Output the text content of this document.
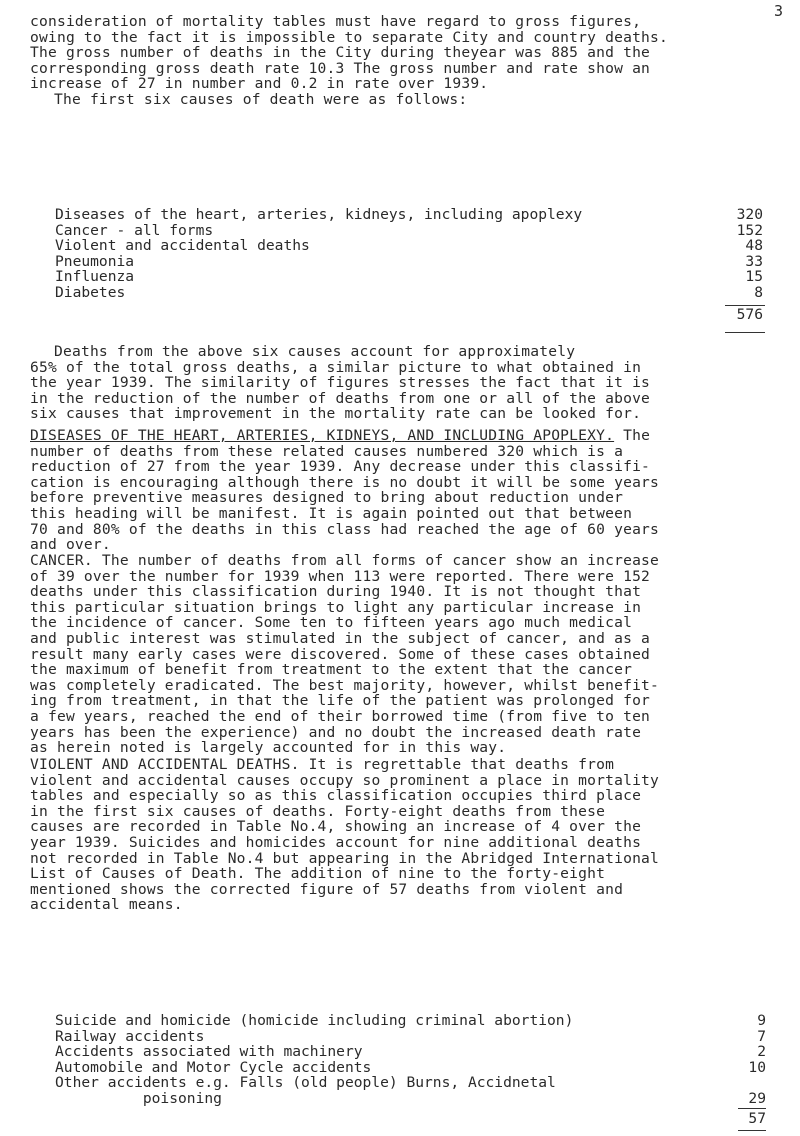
3
consideration of mortality tables must have regard to gross figures,
owing to the fact it is impossible to separate City and country deaths.
The gross number of deaths in the City during theyear was 885 and the
corresponding gross death rate 10.3 The gross number and rate show an
increase of 27 in number and 0.2 in rate over 1939.
The first six causes of death were as follows:
Diseases of the heart, arteries, kidneys, including apoplexy	320
Cancer - all forms	152
Violent and accidental deaths	48
Pneumonia	33
Influenza	15
Diabetes	8
576
Deaths from the above six causes account for approximately
65% of the total gross deaths, a similar picture to what obtained in
the year 1939. The similarity of figures stresses the fact that it is
in the reduction of the number of deaths from one or all of the above
six causes that improvement in the mortality rate can be looked for.
DISEASES OF THE HEART, ARTERIES, KIDNEYS, AND INCLUDING APOPLEXY. The
number of deaths from these related causes numbered 320 which is a
reduction of 27 from the year 1939. Any decrease under this classifi-
cation is encouraging although there is no doubt it will be some years
before preventive measures designed to bring about reduction under
this heading will be manifest. It is again pointed out that between
70 and 80% of the deaths in this class had reached the age of 60 years
and over.
CANCER. The number of deaths from all forms of cancer show an increase
of 39 over the number for 1939 when 113 were reported. There were 152
deaths under this classification during 1940. It is not thought that
this particular situation brings to light any particular increase in
the incidence of cancer. Some ten to fifteen years ago much medical
and public interest was stimulated in the subject of cancer, and as a
result many early cases were discovered. Some of these cases obtained
the maximum of benefit from treatment to the extent that the cancer
was completely eradicated. The best majority, however, whilst benefit-
ing from treatment, in that the life of the patient was prolonged for
a few years, reached the end of their borrowed time (from five to ten
years has been the experience) and no doubt the increased death rate
as herein noted is largely accounted for in this way.
VIOLENT AND ACCIDENTAL DEATHS. It is regrettable that deaths from
violent and accidental causes occupy so prominent a place in mortality
tables and especially so as this classification occupies third place
in the first six causes of deaths. Forty-eight deaths from these
causes are recorded in Table No.4, showing an increase of 4 over the
year 1939. Suicides and homicides account for nine additional deaths
not recorded in Table No.4 but appearing in the Abridged International
List of Causes of Death. The addition of nine to the forty-eight
mentioned shows the corrected figure of 57 deaths from violent and
accidental means.
Suicide and homicide (homicide including criminal abortion)	9
Railway accidents	7
Accidents associated with machinery	2
Automobile and Motor Cycle accidents	10
Other accidents e.g. Falls (old people) Burns, Accidnetal
poisoning	29
57
